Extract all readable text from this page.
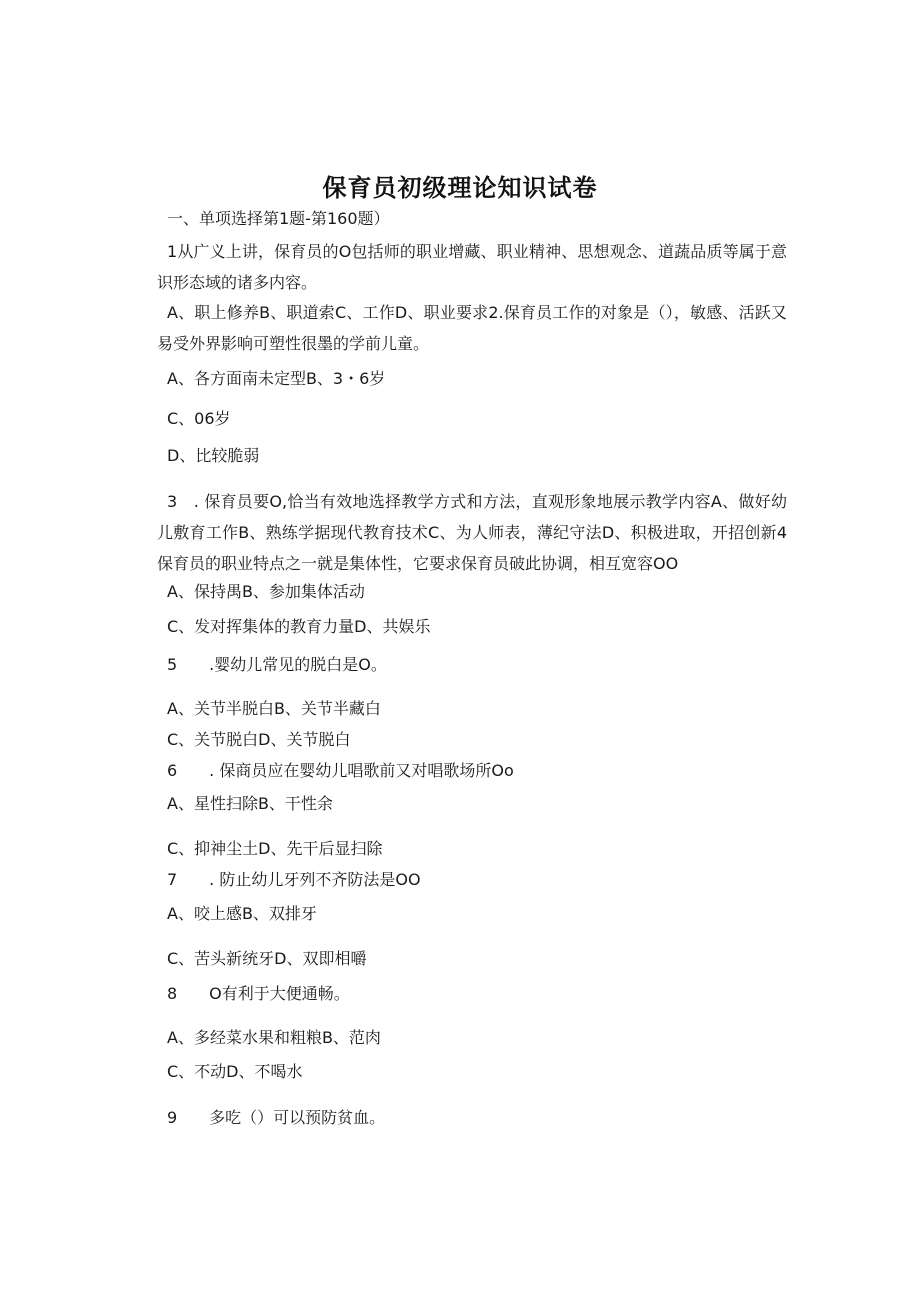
保育员初级理论知识试卷
一、单项选择第1题-第160题）
1从广义上讲，保育员的O包括师的职业增藏、职业精神、思想观念、道蔬品质等属于意识形态域的诸多内容。
A、职上修养B、职道索C、工作D、职业要求2.保育员工作的对象是（），敏感、活跃又易受外界影响可塑性很墨的学前儿童。
A、各方面南未定型B、3・6岁
C、06岁
D、比较脆弱
3　. 保育员要O,恰当有效地选择教学方式和方法，直观形象地展示教学内容A、做好幼儿敷育工作B、熟练学据现代教育技术C、为人师表，薄纪守法D、积极进取，开招创新4保育员的职业特点之一就是集体性，它要求保育员破此协调，相互宽容OO
A、保持禺B、参加集体活动
C、发对挥集体的教育力量D、共娱乐
5　　.婴幼儿常见的脱白是O。
A、关节半脱白B、关节半藏白
C、关节脱白D、关节脱白
6　　. 保商员应在婴幼儿唱歌前又对唱歌场所Oo
A、星性扫除B、干性余
C、抑神尘土D、先干后显扫除
7　　. 防止幼儿牙列不齐防法是OO
A、咬上感B、双排牙
C、苦头新统牙D、双即相嚼
8　　O有利于大便通畅。
A、多经菜水果和粗粮B、范肉
C、不动D、不喝水
9　　多吃（）可以预防贫血。
